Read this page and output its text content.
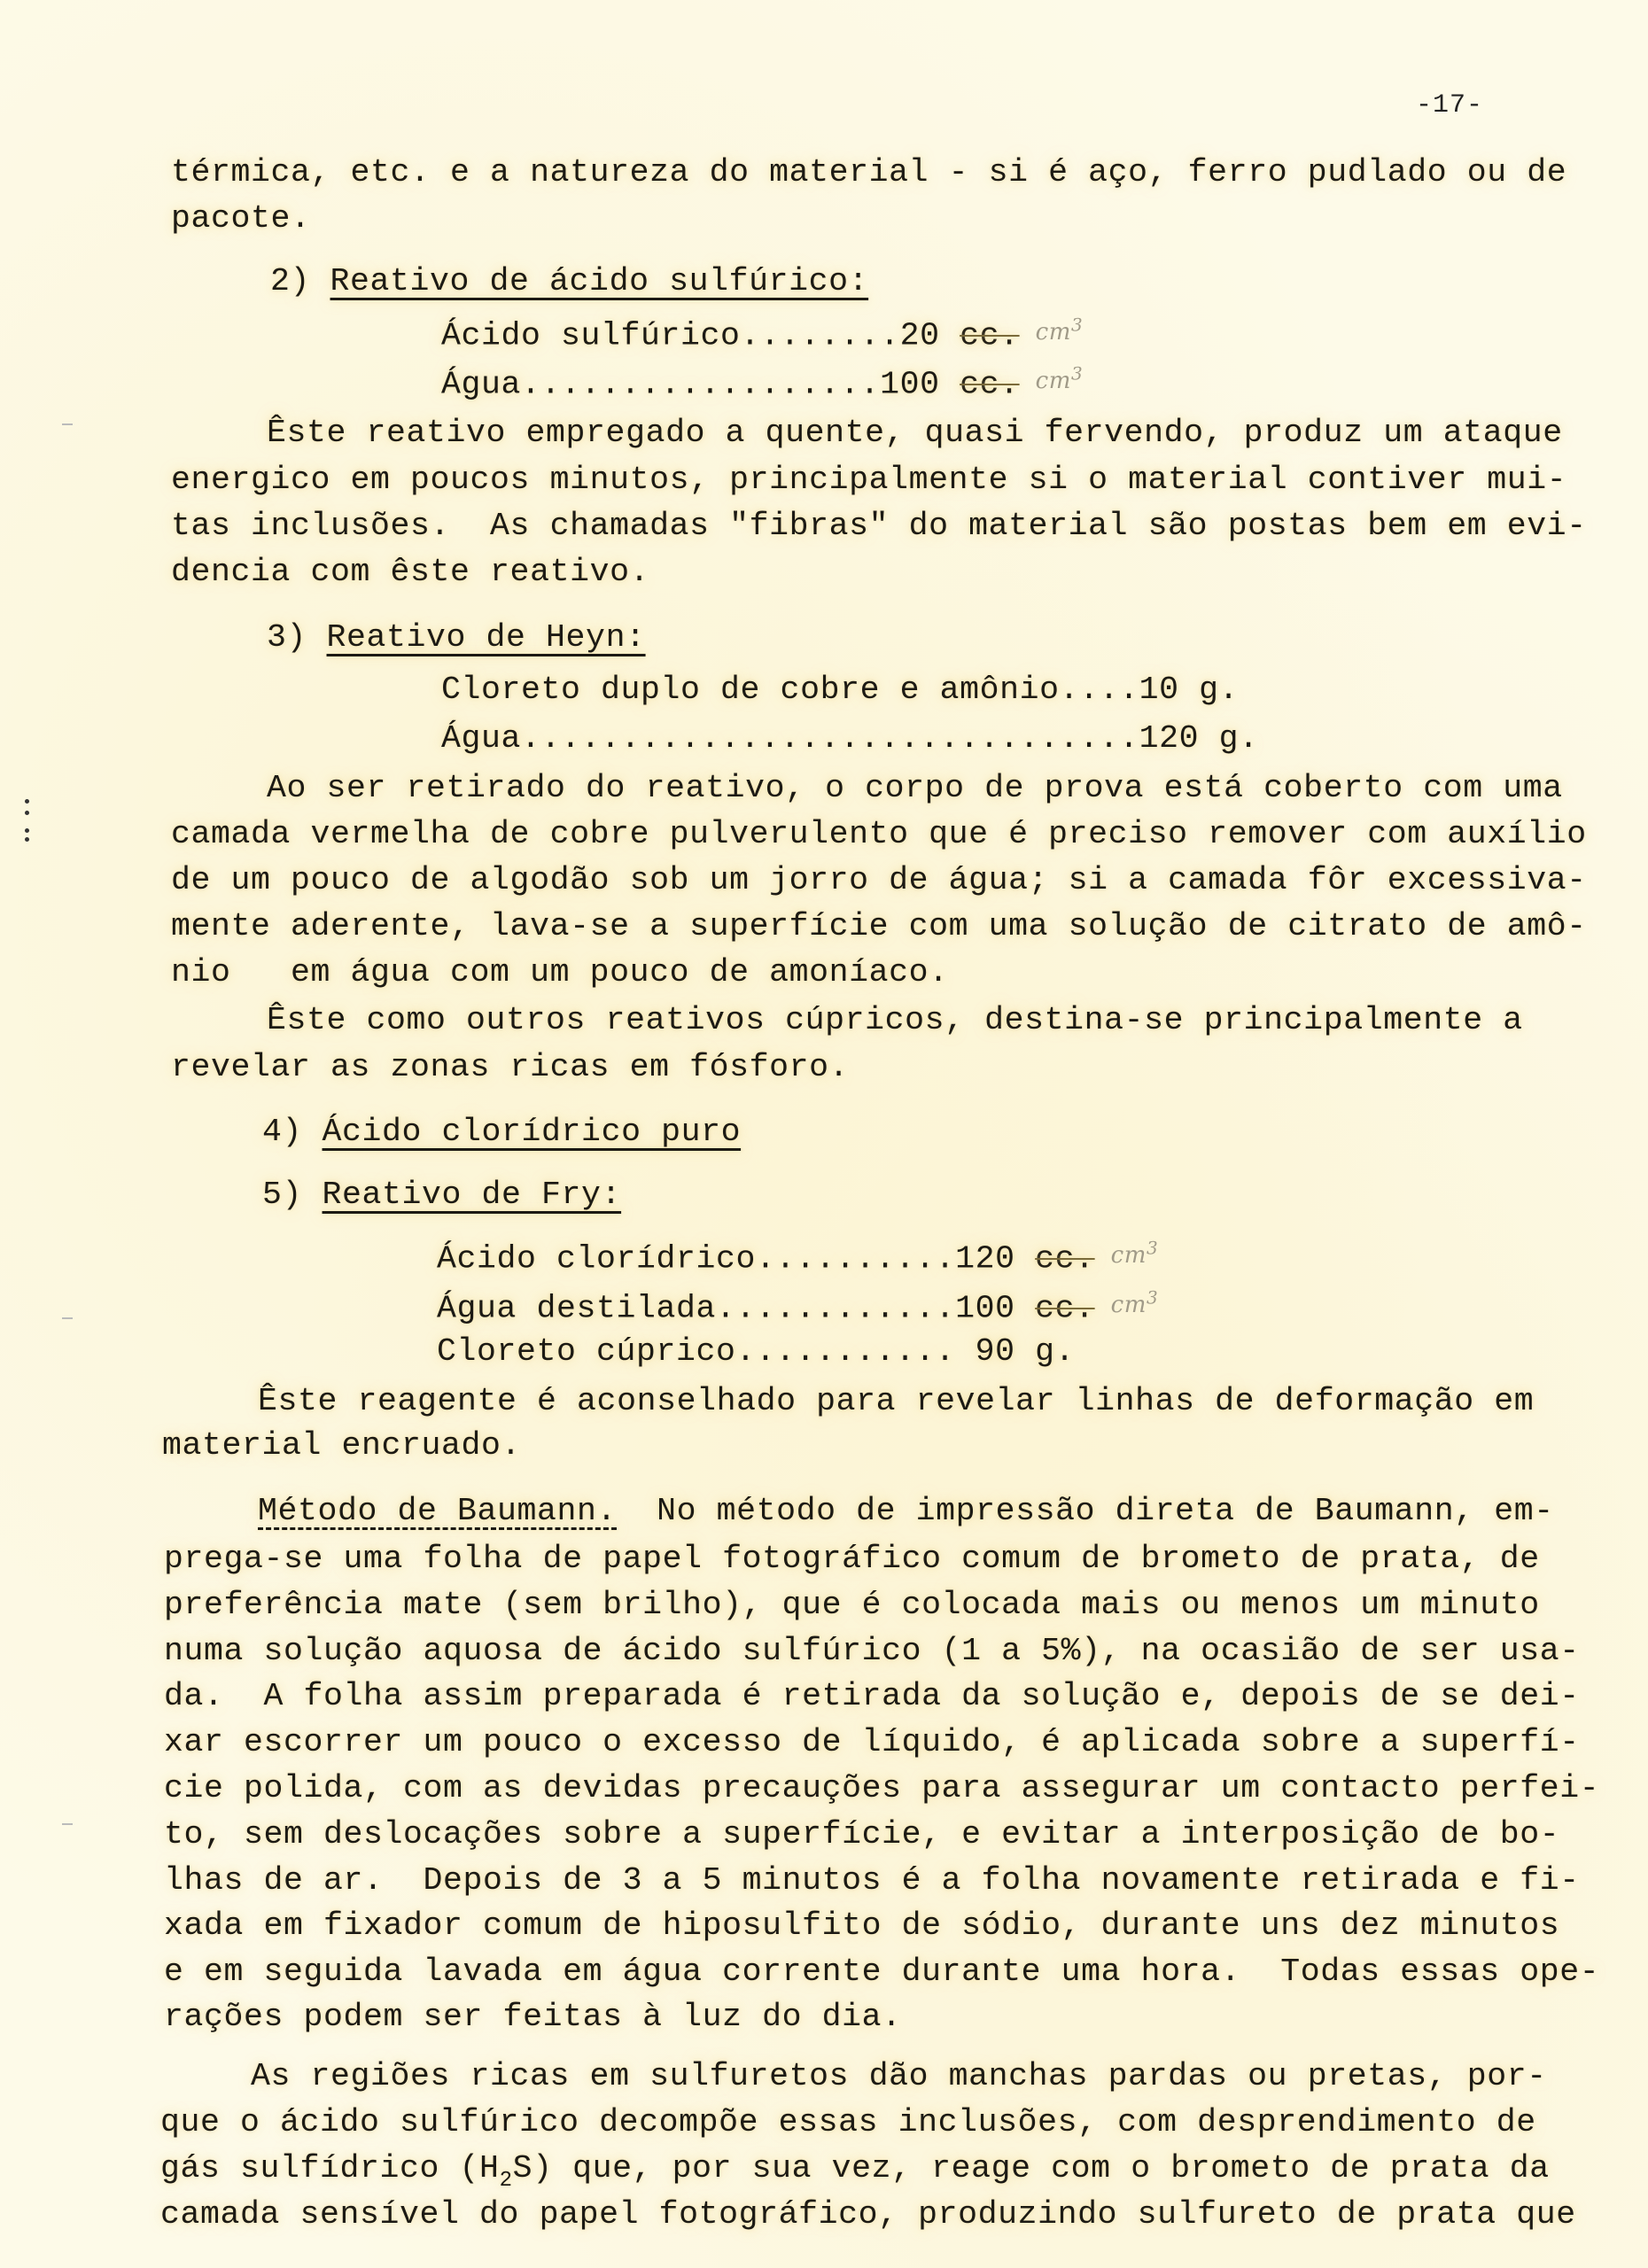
-17-
térmica, etc. e a natureza do material - si é aço, ferro pudlado ou de
pacote.
2) Reativo de ácido sulfúrico:
Ácido sulfúrico........20 cc. $cm^3$
Água..................100 cc. $cm^3$
Êste reativo empregado a quente, quasi fervendo, produz um ataque
energico em poucos minutos, principalmente si o material contiver mui-
tas inclusões.  As chamadas "fibras" do material são postas bem em evi-
dencia com êste reativo.
3) Reativo de Heyn:
Cloreto duplo de cobre e amônio....10 g.
Água...............................120 g.
Ao ser retirado do reativo, o corpo de prova está coberto com uma
camada vermelha de cobre pulverulento que é preciso remover com auxílio
de um pouco de algodão sob um jorro de água; si a camada fôr excessiva-
mente aderente, lava-se a superfície com uma solução de citrato de amô-
nio   em água com um pouco de amoníaco.
Êste como outros reativos cúpricos, destina-se principalmente a
revelar as zonas ricas em fósforo.
4) Ácido clorídrico puro
5) Reativo de Fry:
Ácido clorídrico..........120 cc. $cm^3$
Água destilada............100 cc. $cm^3$
Cloreto cúprico........... 90 g.
Êste reagente é aconselhado para revelar linhas de deformação em
material encruado.
Método de Baumann.  No método de impressão direta de Baumann, em-
prega-se uma folha de papel fotográfico comum de brometo de prata, de
preferência mate (sem brilho), que é colocada mais ou menos um minuto
numa solução aquosa de ácido sulfúrico (1 a 5%), na ocasião de ser usa-
da.  A folha assim preparada é retirada da solução e, depois de se dei-
xar escorrer um pouco o excesso de líquido, é aplicada sobre a superfí-
cie polida, com as devidas precauções para assegurar um contacto perfei-
to, sem deslocações sobre a superfície, e evitar a interposição de bo-
lhas de ar.  Depois de 3 a 5 minutos é a folha novamente retirada e fi-
xada em fixador comum de hiposulfito de sódio, durante uns dez minutos
e em seguida lavada em água corrente durante uma hora.  Todas essas ope-
rações podem ser feitas à luz do dia.
As regiões ricas em sulfuretos dão manchas pardas ou pretas, por-
que o ácido sulfúrico decompõe essas inclusões, com desprendimento de
gás sulfídrico $(H_2S)$ que, por sua vez, reage com o brometo de prata da
camada sensível do papel fotográfico, produzindo sulfureto de prata que
